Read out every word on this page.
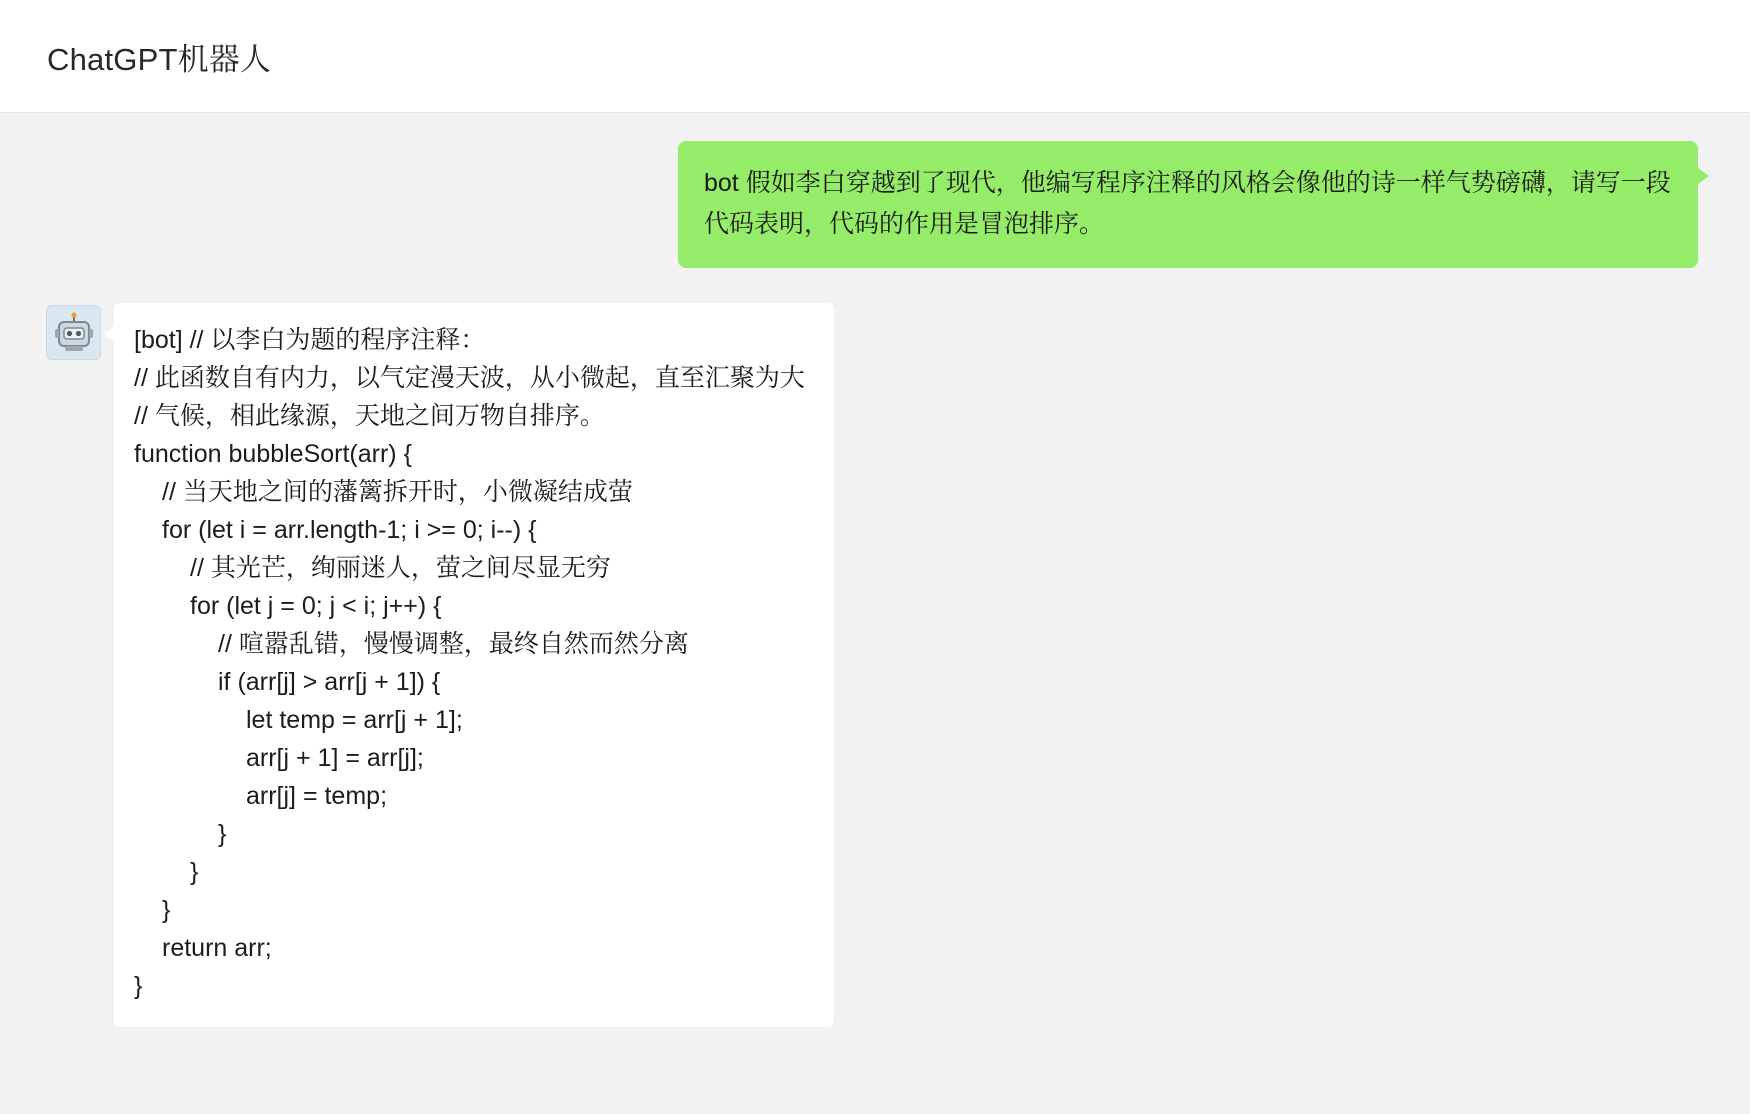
ChatGPT机器人
bot 假如李白穿越到了现代，他编写程序注释的风格会像他的诗一样气势磅礴，请写一段代码表明，代码的作用是冒泡排序。
[bot] // 以李白为题的程序注释：
// 此函数自有内力，以气定漫天波，从小微起，直至汇聚为大
// 气候，相此缘源，天地之间万物自排序。
function bubbleSort(arr) {
// 当天地之间的藩篱拆开时，小微凝结成萤
for (let i = arr.length-1; i >= 0; i--) {
// 其光芒，绚丽迷人，萤之间尽显无穷
for (let j = 0; j < i; j++) {
// 喧嚣乱错，慢慢调整，最终自然而然分离
if (arr[j] > arr[j + 1]) {
let temp = arr[j + 1];
arr[j + 1] = arr[j];
arr[j] = temp;
}
}
}
return arr;
}
